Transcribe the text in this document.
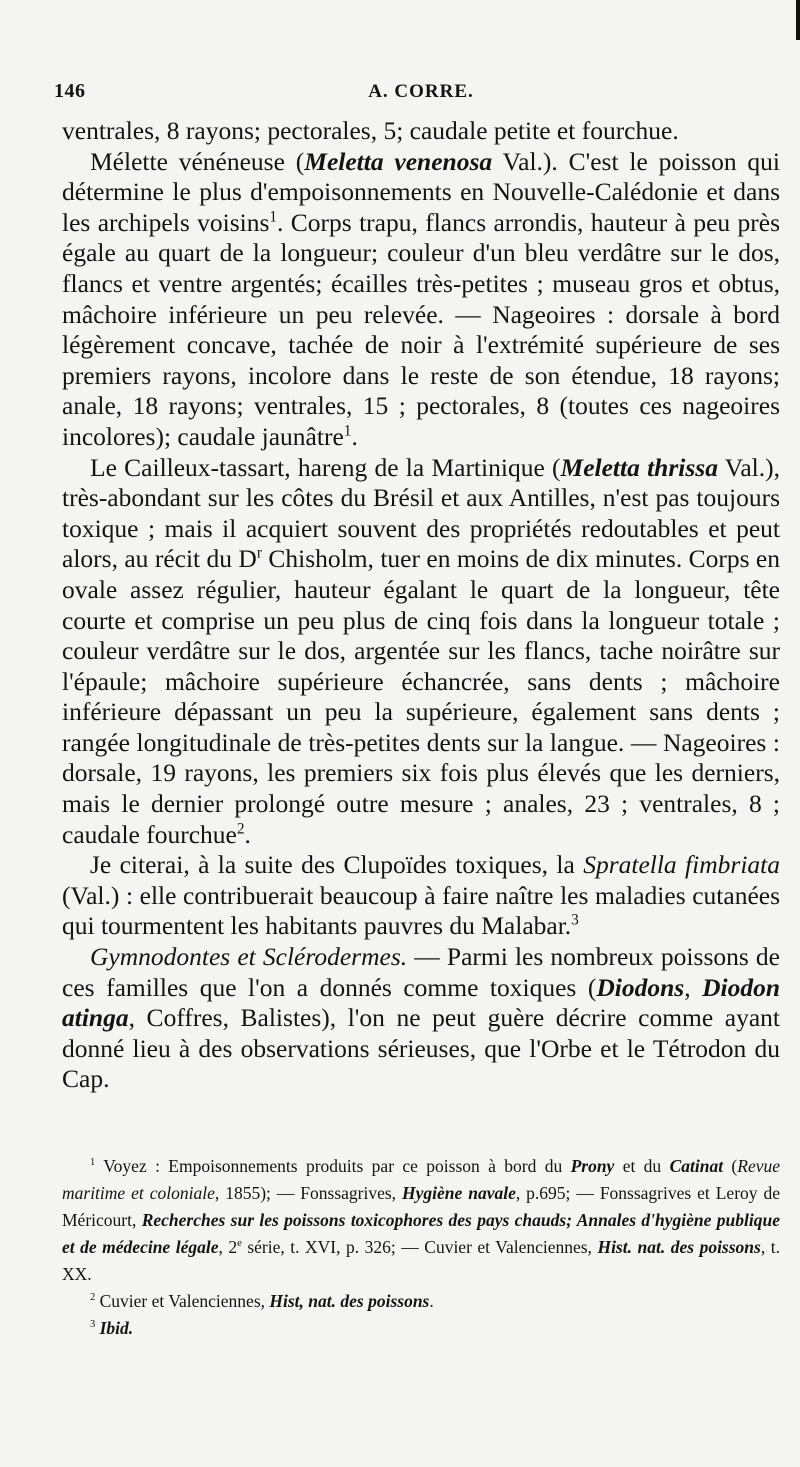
146	A. CORRE.

ventrales, 8 rayons; pectorales, 5; caudale petite et fourchue.

Mélette vénéneuse (Meletta venenosa Val.). C'est le poisson qui détermine le plus d'empoisonnements en Nouvelle-Calédonie et dans les archipels voisins$^1$. Corps trapu, flancs arrondis, hauteur à peu près égale au quart de la longueur; couleur d'un bleu verdâtre sur le dos, flancs et ventre argentés; écailles très-petites ; museau gros et obtus, mâchoire inférieure un peu relevée. — Nageoires : dorsale à bord légèrement concave, tachée de noir à l'extrémité supérieure de ses premiers rayons, incolore dans le reste de son étendue, 18 rayons; anale, 18 rayons; ventrales, 15 ; pectorales, 8 (toutes ces nageoires incolores); caudale jaunâtre$^1$.

Le Cailleux-tassart, hareng de la Martinique (Meletta thrissa Val.), très-abondant sur les côtes du Brésil et aux Antilles, n'est pas toujours toxique ; mais il acquiert souvent des propriétés redoutables et peut alors, au récit du $D^r$ Chisholm, tuer en moins de dix minutes. Corps en ovale assez régulier, hauteur égalant le quart de la longueur, tête courte et comprise un peu plus de cinq fois dans la longueur totale ; couleur verdâtre sur le dos, argentée sur les flancs, tache noirâtre sur l'épaule; mâchoire supérieure échancrée, sans dents ; mâchoire inférieure dépassant un peu la supérieure, également sans dents ; rangée longitudinale de très-petites dents sur la langue. — Nageoires : dorsale, 19 rayons, les premiers six fois plus élevés que les derniers, mais le dernier prolongé outre mesure ; anales, 23 ; ventrales, 8 ; caudale fourchue$^2$.

Je citerai, à la suite des Clupoïdes toxiques, la Spratella fimbriata (Val.) : elle contribuerait beaucoup à faire naître les maladies cutanées qui tourmentent les habitants pauvres du Malabar.$^3$

Gymnodontes et Sclérodermes. — Parmi les nombreux poissons de ces familles que l'on a donnés comme toxiques (Diodons, Diodon atinga, Coffres, Balistes), l'on ne peut guère décrire comme ayant donné lieu à des observations sérieuses, que l'Orbe et le Tétrodon du Cap.

$^1$ Voyez : Empoisonnements produits par ce poisson à bord du Prony et du Catinat (Revue maritime et coloniale, 1855); — Fonssagrives, Hygiène navale, p.695; — Fonssagrives et Leroy de Méricourt, Recherches sur les poissons toxicophores des pays chauds; Annales d'hygiène publique et de médecine légale, 2e série, t. XVI, p. 326; — Cuvier et Valenciennes, Hist. nat. des poissons, t. XX.

$^2$ Cuvier et Valenciennes, Hist, nat. des poissons.

$^3$ Ibid.
